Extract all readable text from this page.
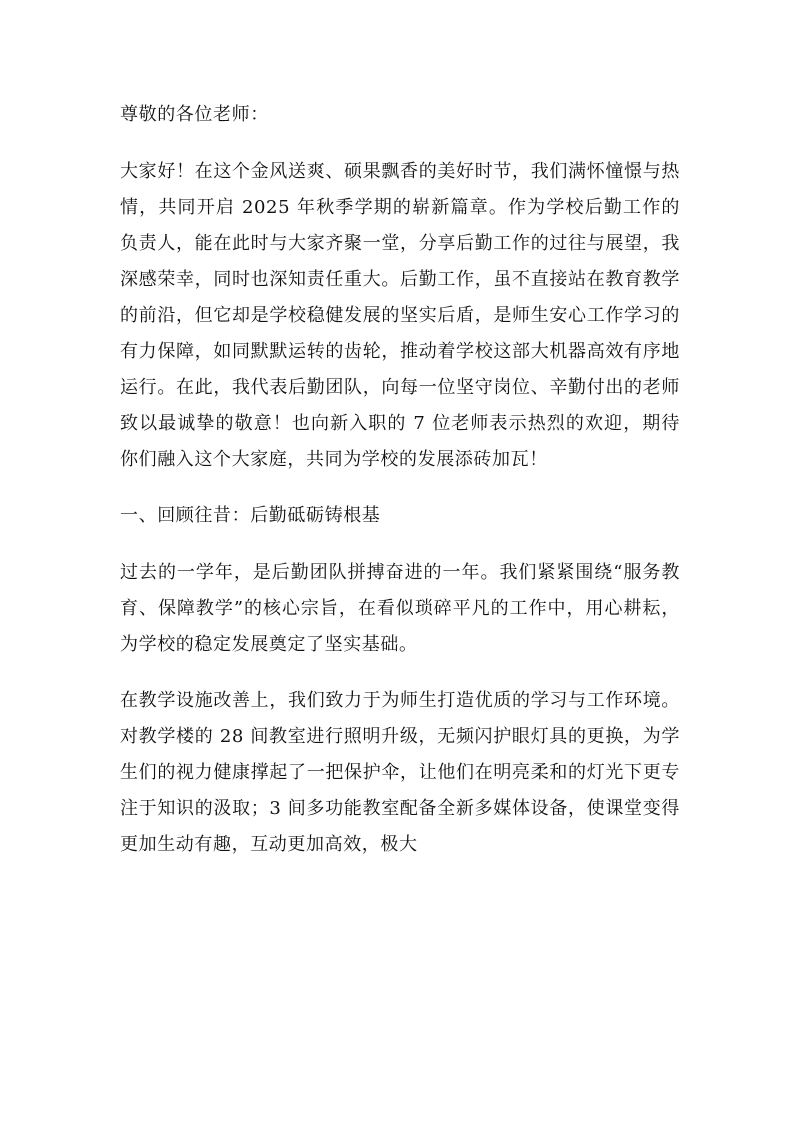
尊敬的各位老师：

大家好！在这个金风送爽、硕果飘香的美好时节，我们满怀憧憬与热情，共同开启 2025 年秋季学期的崭新篇章。作为学校后勤工作的负责人，能在此时与大家齐聚一堂，分享后勤工作的过往与展望，我深感荣幸，同时也深知责任重大。后勤工作，虽不直接站在教育教学的前沿，但它却是学校稳健发展的坚实后盾，是师生安心工作学习的有力保障，如同默默运转的齿轮，推动着学校这部大机器高效有序地运行。在此，我代表后勤团队，向每一位坚守岗位、辛勤付出的老师致以最诚挚的敬意！也向新入职的 7 位老师表示热烈的欢迎，期待你们融入这个大家庭，共同为学校的发展添砖加瓦！

一、回顾往昔：后勤砥砺铸根基

过去的一学年，是后勤团队拼搏奋进的一年。我们紧紧围绕“服务教育、保障教学”的核心宗旨，在看似琐碎平凡的工作中，用心耕耘，为学校的稳定发展奠定了坚实基础。

在教学设施改善上，我们致力于为师生打造优质的学习与工作环境。对教学楼的 28 间教室进行照明升级，无频闪护眼灯具的更换，为学生们的视力健康撑起了一把保护伞，让他们在明亮柔和的灯光下更专注于知识的汲取；3 间多功能教室配备全新多媒体设备，使课堂变得更加生动有趣，互动更加高效，极大
